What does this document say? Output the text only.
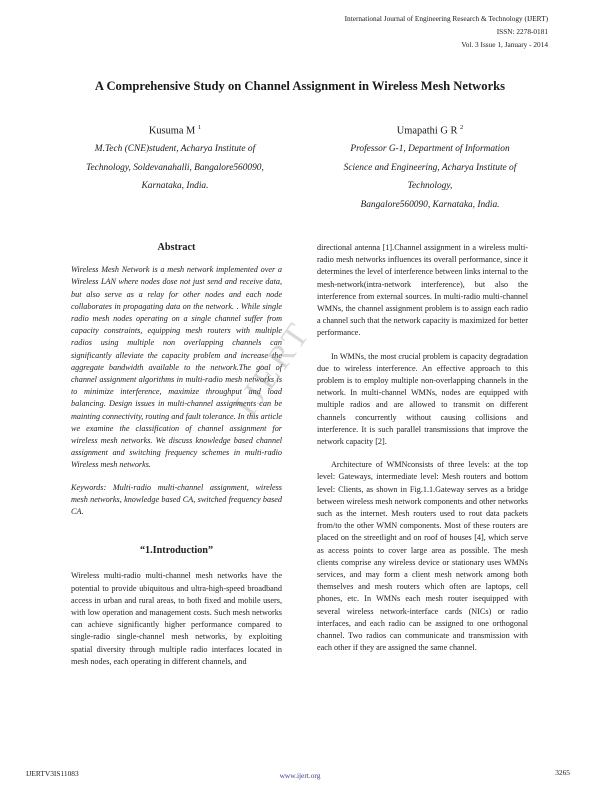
International Journal of Engineering Research & Technology (IJERT)
ISSN: 2278-0181
Vol. 3 Issue 1, January - 2014
A Comprehensive Study on Channel Assignment in Wireless Mesh Networks
Kusuma M $^1$
M.Tech (CNE)student, Acharya Institute of
Technology, Soldevanahalli, Bangalore560090,
Karnataka, India.
Umapathi G R $^2$
Professor G-1, Department of Information
Science and Engineering, Acharya Institute of
Technology,
Bangalore560090, Karnataka, India.
Abstract

Wireless Mesh Network is a mesh network implemented over a Wireless LAN where nodes dose not just send and receive data, but also serve as a relay for other nodes and each node collaborates in propagating data on the network. . While single radio mesh nodes operating on a single channel suffer from capacity constraints, equipping mesh routers with multiple radios using multiple non overlapping channels can significantly alleviate the capacity problem and increase the aggregate bandwidth available to the network.The goal of channel assignment algorithms in multi-radio mesh networks is to minimize interference, maximize throughput and load balancing. Design issues in multi-channel assignments can be mainting connectivity, routing and fault tolerance. In this article we examine the classification of channel assignment for wireless mesh networks. We discuss knowledge based channel assignment and switching frequency schemes in multi-radio Wireless mesh networks.

Keywords: Multi-radio multi-channel assignment, wireless mesh networks, knowledge based CA, switched frequency based CA.

“1.Introduction”

Wireless multi-radio multi-channel mesh networks have the potential to provide ubiquitous and ultra-high-speed broadband access in urban and rural areas, to both fixed and mobile users, with low operation and management costs. Such mesh networks can achieve significantly higher performance compared to single-radio single-channel mesh networks, by exploiting spatial diversity through multiple radio interfaces located in mesh nodes, each operating in different channels, and

directional antenna [1].Channel assignment in a wireless multi-radio mesh networks influences its overall performance, since it determines the level of interference between links internal to the mesh-network(intra-network interference), but also the interference from external sources. In multi-radio multi-channel WMNs, the channel assignment problem is to assign each radio a channel such that the network capacity is maximized for better performance.

In WMNs, the most crucial problem is capacity degradation due to wireless interference. An effective approach to this problem is to employ multiple non-overlapping channels in the network. In multi-channel WMNs, nodes are equipped with multiple radios and are allowed to transmit on different channels concurrently without causing collisions and interference. It is such parallel transmissions that improve the network capacity [2].

Architecture of WMNconsists of three levels: at the top level: Gateways, intermediate level: Mesh routers and bottom level: Clients, as shown in Fig.1.1.Gateway serves as a bridge between wireless mesh network components and other networks such as the internet. Mesh routers used to rout data packets from/to the other WMN components. Most of these routers are placed on the streetlight and on roof of houses [4], which serve as access points to cover large area as possible. The mesh clients comprise any wireless device or stationary uses WMNs services, and may form a client mesh network among both themselves and mesh routers which often are laptops, cell phones, etc. In WMNs each mesh router isequipped with several wireless network-interface cards (NICs) or radio interfaces, and each radio can be assigned to one orthogonal channel. Two radios can communicate and transmission with each other if they are assigned the same channel.

IJERT
IJERTV3IS11083	www.ijert.org	3265
